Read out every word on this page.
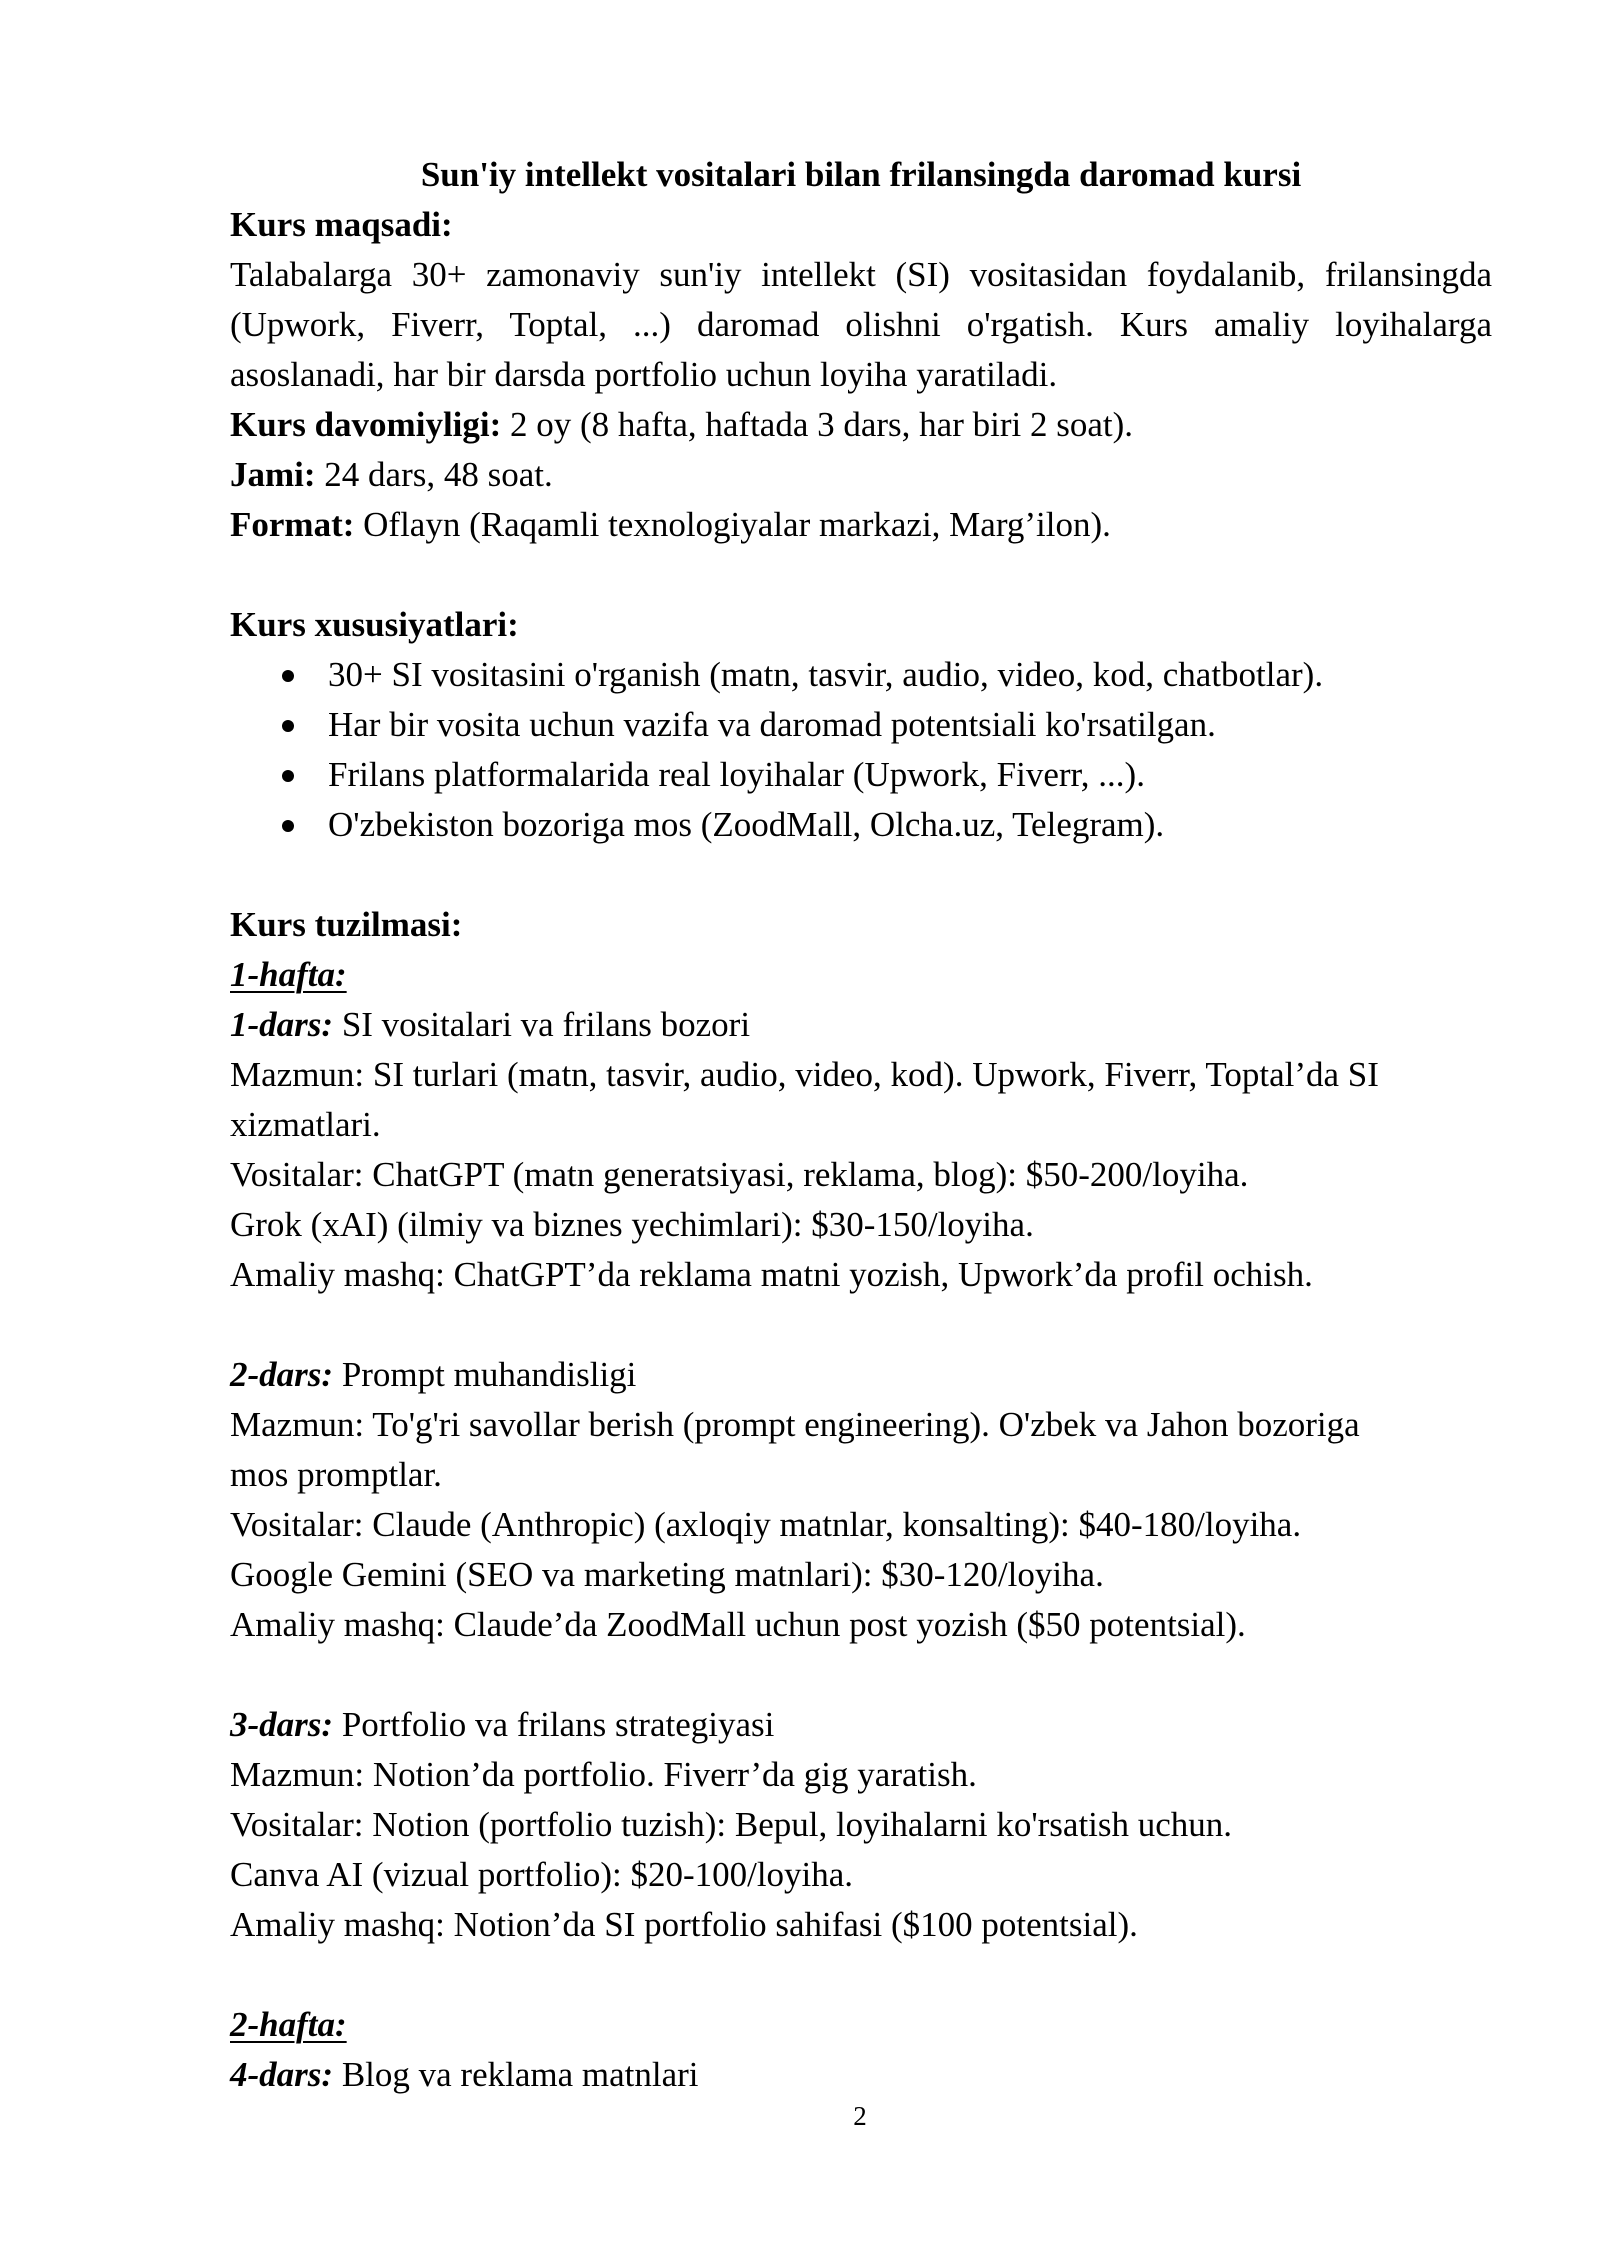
Sun'iy intellekt vositalari bilan frilansingda daromad kursi

Kurs maqsadi:

Talabalarga 30+ zamonaviy sun'iy intellekt (SI) vositasidan foydalanib, frilansingda (Upwork, Fiverr, Toptal, ...) daromad olishni o'rgatish. Kurs amaliy loyihalarga asoslanadi, har bir darsda portfolio uchun loyiha yaratiladi.

Kurs davomiyligi: 2 oy (8 hafta, haftada 3 dars, har biri 2 soat).

Jami: 24 dars, 48 soat.

Format: Oflayn (Raqamli texnologiyalar markazi, Marg’ilon).

Kurs xususiyatlari:

30+ SI vositasini o'rganish (matn, tasvir, audio, video, kod, chatbotlar).
Har bir vosita uchun vazifa va daromad potentsiali ko'rsatilgan.
Frilans platformalarida real loyihalar (Upwork, Fiverr, ...).
O'zbekiston bozoriga mos (ZoodMall, Olcha.uz, Telegram).

Kurs tuzilmasi:

1-hafta:

1-dars: SI vositalari va frilans bozori

Mazmun: SI turlari (matn, tasvir, audio, video, kod). Upwork, Fiverr, Toptal’da SI

xizmatlari.

Vositalar: ChatGPT (matn generatsiyasi, reklama, blog): $50-200/loyiha.

Grok (xAI) (ilmiy va biznes yechimlari): $30-150/loyiha.

Amaliy mashq: ChatGPT’da reklama matni yozish, Upwork’da profil ochish.

2-dars: Prompt muhandisligi

Mazmun: To'g'ri savollar berish (prompt engineering). O'zbek va Jahon bozoriga

mos promptlar.

Vositalar: Claude (Anthropic) (axloqiy matnlar, konsalting): $40-180/loyiha.

Google Gemini (SEO va marketing matnlari): $30-120/loyiha.

Amaliy mashq: Claude’da ZoodMall uchun post yozish ($50 potentsial).

3-dars: Portfolio va frilans strategiyasi

Mazmun: Notion’da portfolio. Fiverr’da gig yaratish.

Vositalar: Notion (portfolio tuzish): Bepul, loyihalarni ko'rsatish uchun.

Canva AI (vizual portfolio): $20-100/loyiha.

Amaliy mashq: Notion’da SI portfolio sahifasi ($100 potentsial).

2-hafta:

4-dars: Blog va reklama matnlari

2
